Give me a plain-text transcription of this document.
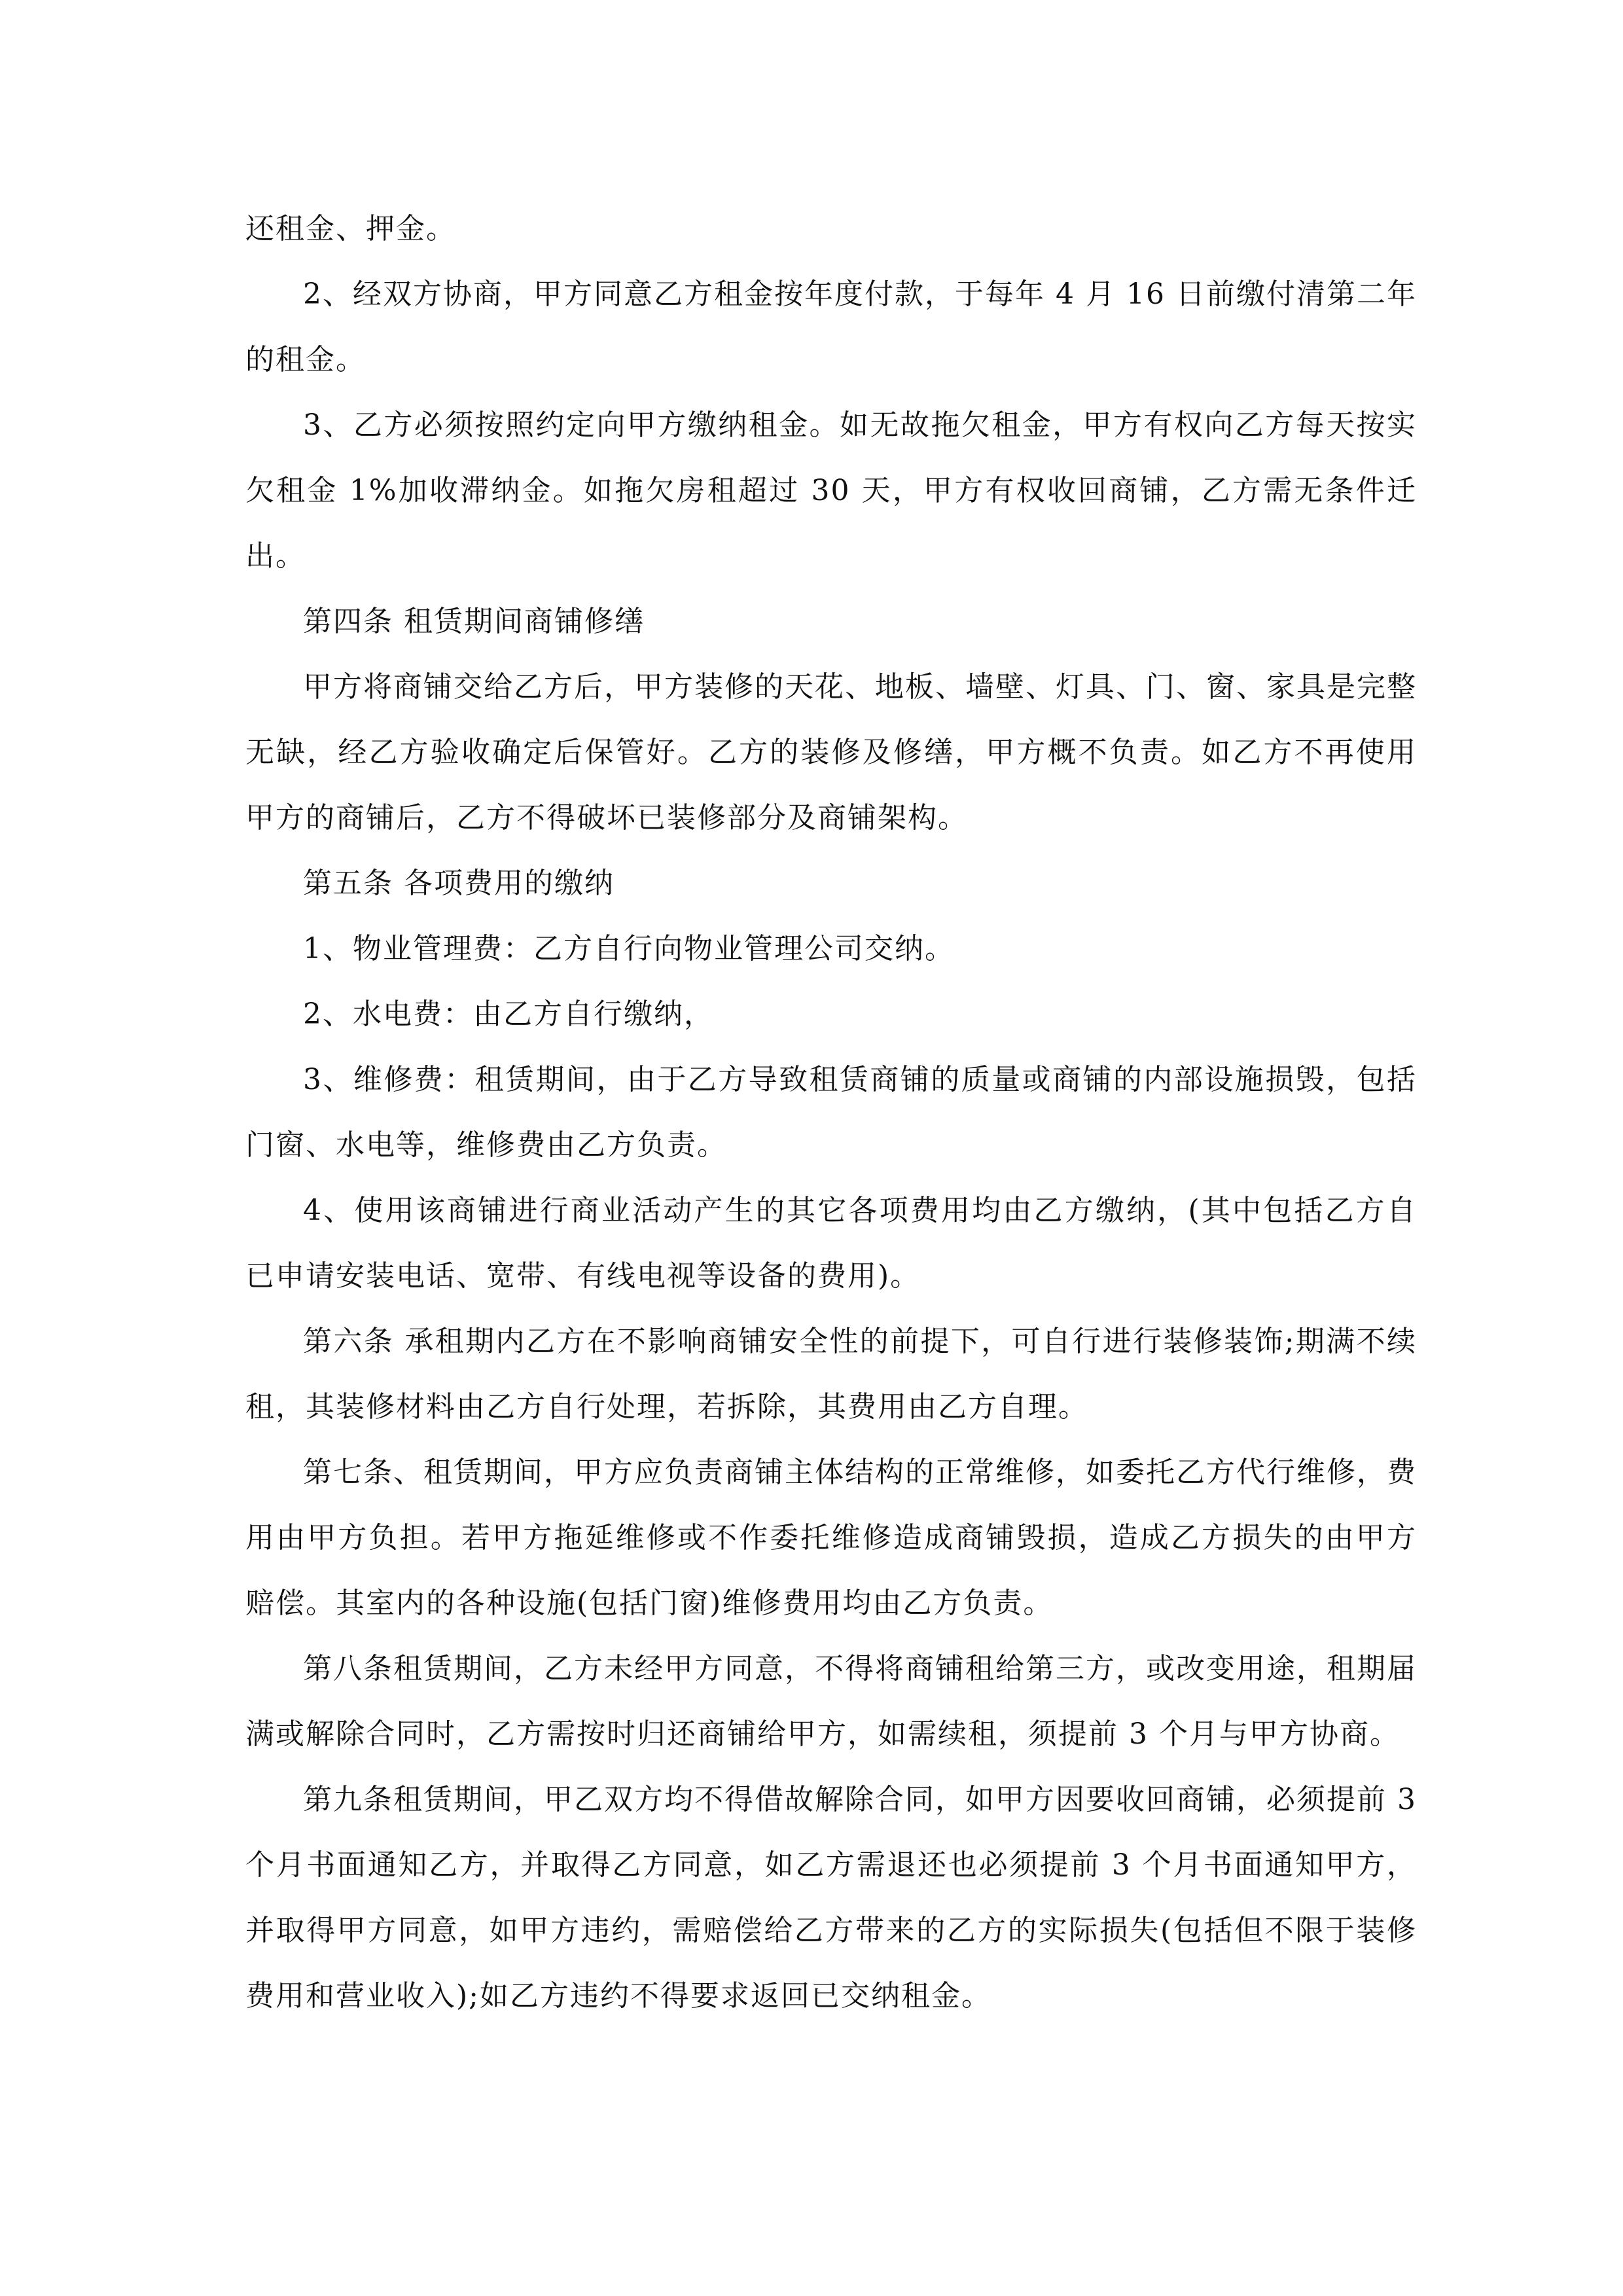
还租金、押金。

2、经双方协商，甲方同意乙方租金按年度付款，于每年 4 月 16 日前缴付清第二年的租金。

3、乙方必须按照约定向甲方缴纳租金。如无故拖欠租金，甲方有权向乙方每天按实欠租金 1%加收滞纳金。如拖欠房租超过 30 天，甲方有权收回商铺，乙方需无条件迁出。

第四条 租赁期间商铺修缮

甲方将商铺交给乙方后，甲方装修的天花、地板、墙壁、灯具、门、窗、家具是完整无缺，经乙方验收确定后保管好。乙方的装修及修缮，甲方概不负责。如乙方不再使用甲方的商铺后，乙方不得破坏已装修部分及商铺架构。

第五条 各项费用的缴纳

1、物业管理费：乙方自行向物业管理公司交纳。

2、水电费：由乙方自行缴纳，

3、维修费：租赁期间，由于乙方导致租赁商铺的质量或商铺的内部设施损毁，包括门窗、水电等，维修费由乙方负责。

4、使用该商铺进行商业活动产生的其它各项费用均由乙方缴纳，(其中包括乙方自已申请安装电话、宽带、有线电视等设备的费用)。

第六条 承租期内乙方在不影响商铺安全性的前提下，可自行进行装修装饰;期满不续租，其装修材料由乙方自行处理，若拆除，其费用由乙方自理。

第七条、租赁期间，甲方应负责商铺主体结构的正常维修，如委托乙方代行维修，费用由甲方负担。若甲方拖延维修或不作委托维修造成商铺毁损，造成乙方损失的由甲方赔偿。其室内的各种设施(包括门窗)维修费用均由乙方负责。

第八条租赁期间，乙方未经甲方同意，不得将商铺租给第三方，或改变用途，租期届满或解除合同时，乙方需按时归还商铺给甲方，如需续租，须提前 3 个月与甲方协商。

第九条租赁期间，甲乙双方均不得借故解除合同，如甲方因要收回商铺，必须提前 3 个月书面通知乙方，并取得乙方同意，如乙方需退还也必须提前 3 个月书面通知甲方，并取得甲方同意，如甲方违约，需赔偿给乙方带来的乙方的实际损失(包括但不限于装修费用和营业收入);如乙方违约不得要求返回已交纳租金。
